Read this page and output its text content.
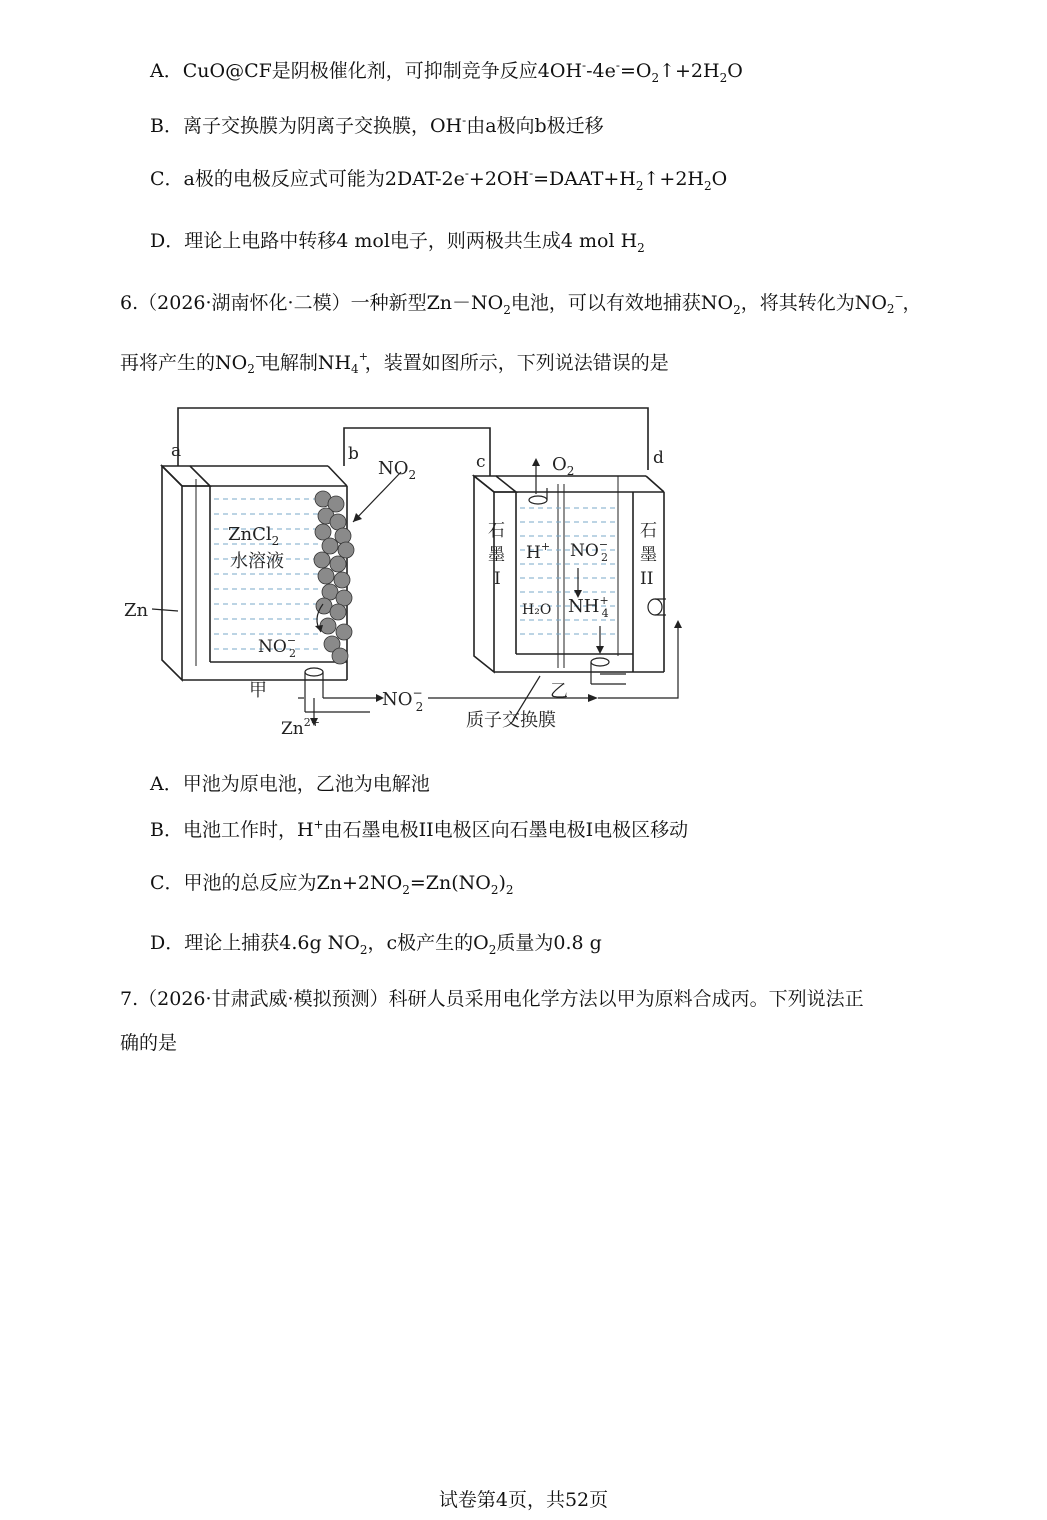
A．CuO@CF是阴极催化剂，可抑制竞争反应$4OH^--4e^-=O_2↑+2H_2O$
B．离子交换膜为阴离子交换膜，OH-由a极向b极迁移
C．a极的电极反应式可能为$2DAT-2e^-+2OH^-=DAAT+H_2↑+2H_2O$
D．理论上电路中转移4 mol电子，则两极共生成4 mol $H_2$
6.（2026·湖南怀化·二模）一种新型$Zn-NO_2$电池，可以有效地捕获$NO_2$，将其转化为$NO_2$
−
，
再将产生的$NO_2$
−
电解制$NH_4$
+
，装置如图所示，下列说法错误的是
a	b	c	d
$NO_2$
ZnCl$_2$
水溶液
Zn
NO− 2
甲
$Zn^{2+}$
NO− 2
乙
$O_2$
石
墨
I
石
墨
II
H+ NO− 2
H₂O NH+ 4
质子交换膜
A．甲池为原电池，乙池为电解池
B．电池工作时，H+由石墨电极II电极区向石墨电极I电极区移动
C．甲池的总反应为$Zn+2NO_2=Zn(NO_2)_2$
D．理论上捕获4.6g $NO_2$，c极产生的$O_2$质量为0.8 g
7.（2026·甘肃武威·模拟预测）科研人员采用电化学方法以甲为原料合成丙。下列说法正
确的是
试卷第4页，共52页
